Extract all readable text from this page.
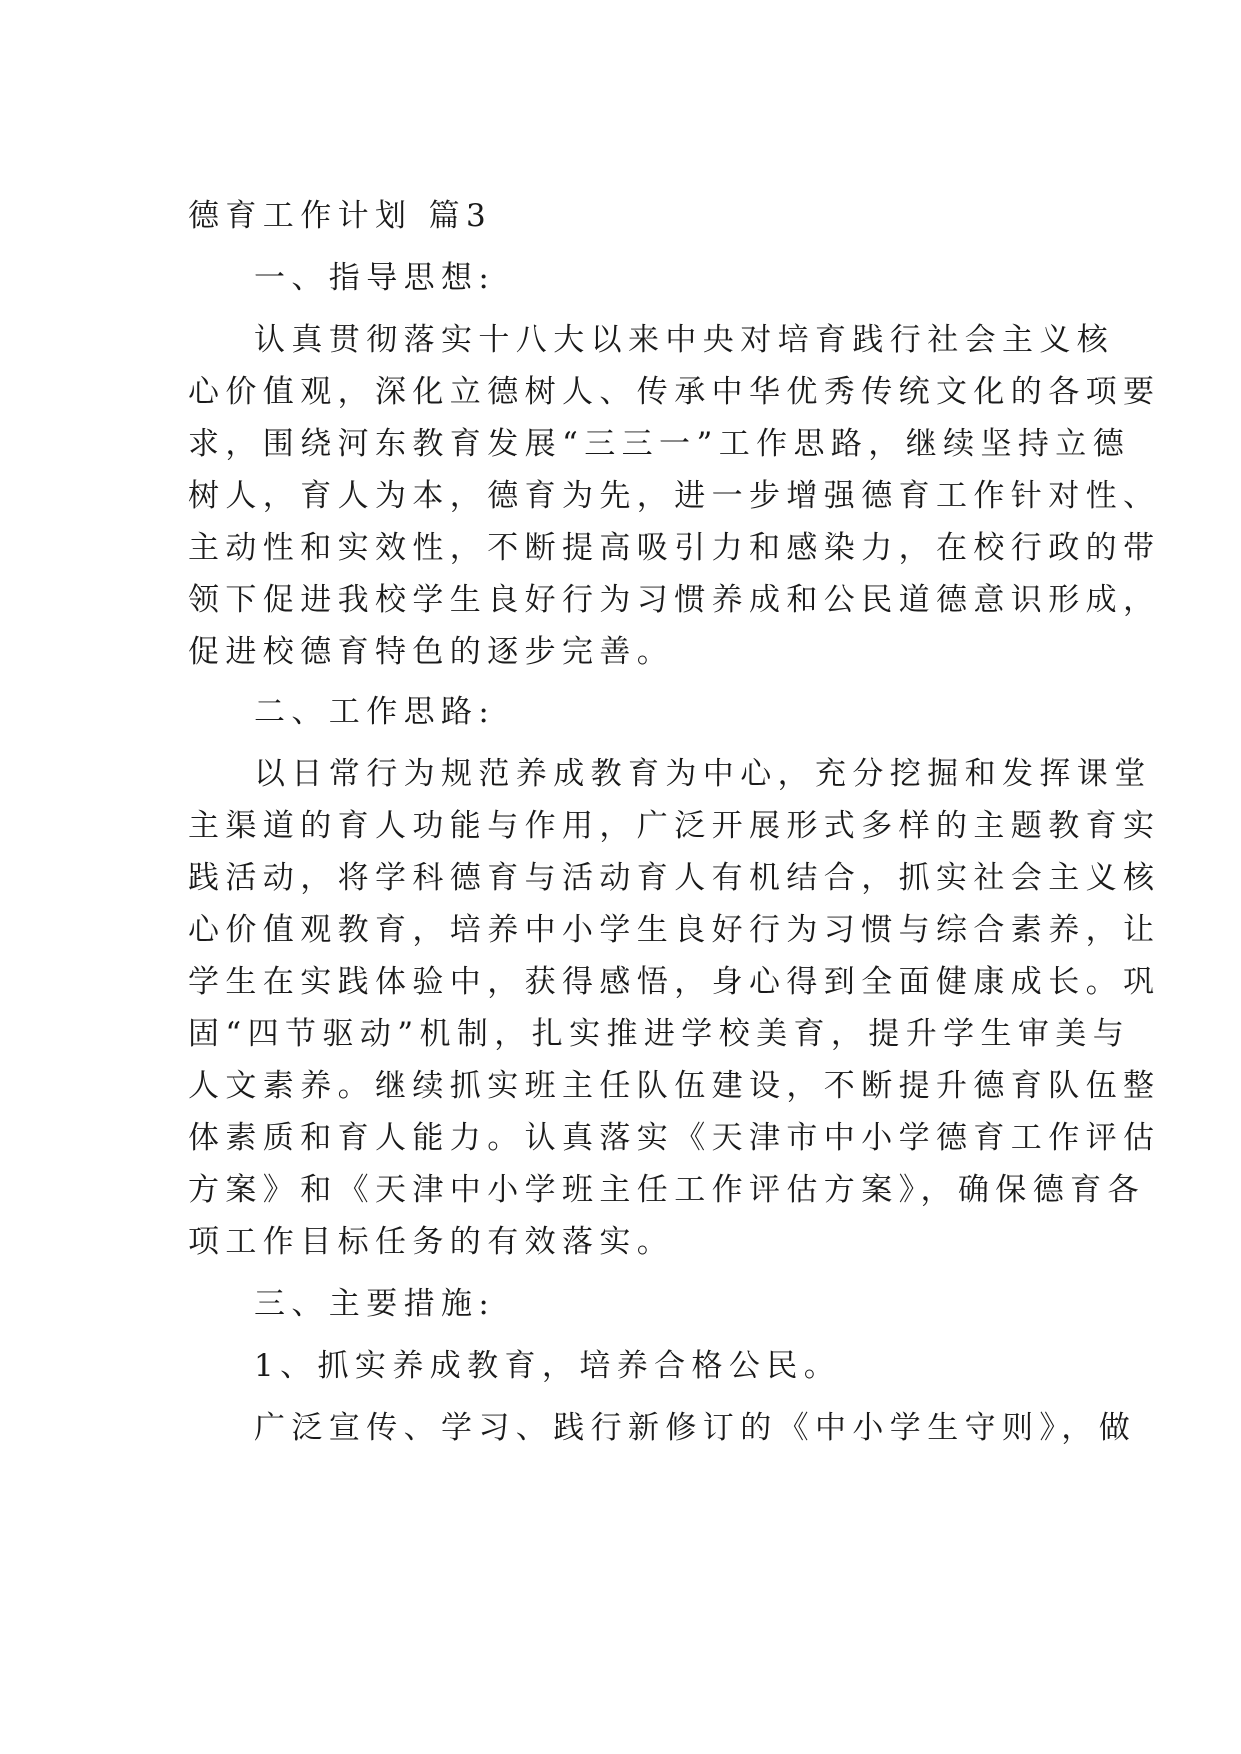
德育工作计划 篇3
一、指导思想:
认真贯彻落实十八大以来中央对培育践行社会主义核
心价值观，深化立德树人、传承中华优秀传统文化的各项要
求，围绕河东教育发展“三三一”工作思路，继续坚持立德
树人，育人为本，德育为先，进一步增强德育工作针对性、
主动性和实效性，不断提高吸引力和感染力，在校行政的带
领下促进我校学生良好行为习惯养成和公民道德意识形成，
促进校德育特色的逐步完善。
二、工作思路:
以日常行为规范养成教育为中心，充分挖掘和发挥课堂
主渠道的育人功能与作用，广泛开展形式多样的主题教育实
践活动，将学科德育与活动育人有机结合，抓实社会主义核
心价值观教育，培养中小学生良好行为习惯与综合素养，让
学生在实践体验中，获得感悟，身心得到全面健康成长。巩
固“四节驱动”机制，扎实推进学校美育，提升学生审美与
人文素养。继续抓实班主任队伍建设，不断提升德育队伍整
体素质和育人能力。认真落实《天津市中小学德育工作评估
方案》和《天津中小学班主任工作评估方案》，确保德育各
项工作目标任务的有效落实。
三、主要措施:
1、抓实养成教育，培养合格公民。
广泛宣传、学习、践行新修订的《中小学生守则》，做
